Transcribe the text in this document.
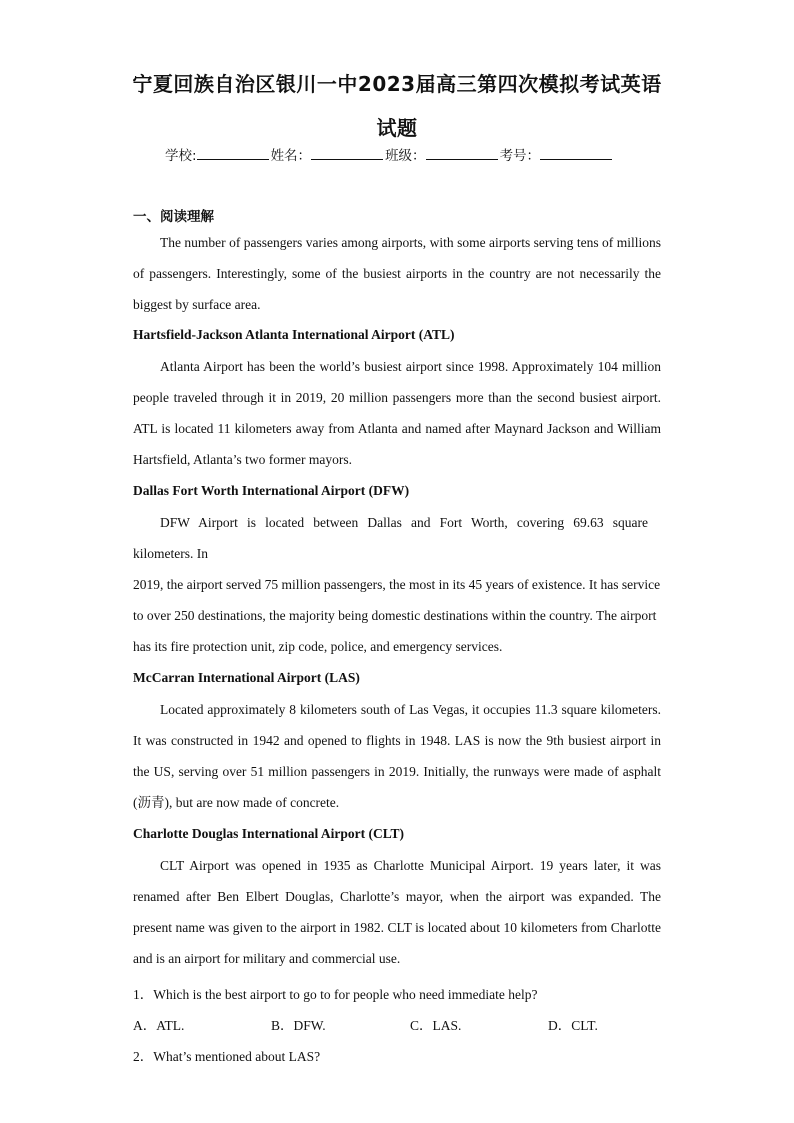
宁夏回族自治区银川一中2023届高三第四次模拟考试英语
试题
学校:	姓名：	班级：	考号：
一、阅读理解

The number of passengers varies among airports, with some airports serving tens of millions of passengers. Interestingly, some of the busiest airports in the country are not necessarily the biggest by surface area.

Hartsfield-Jackson Atlanta International Airport (ATL)

Atlanta Airport has been the world’s busiest airport since 1998. Approximately 104 million people traveled through it in 2019, 20 million passengers more than the second busiest airport. ATL is located 11 kilometers away from Atlanta and named after Maynard Jackson and William Hartsfield, Atlanta’s two former mayors.

Dallas Fort Worth International Airport (DFW)

DFW Airport is located between Dallas and Fort Worth, covering 69.63 square kilometers. In

2019, the airport served 75 million passengers, the most in its 45 years of existence. It has service to over 250 destinations, the majority being domestic destinations within the country. The airport has its fire protection unit, zip code, police, and emergency services.

McCarran International Airport (LAS)

Located approximately 8 kilometers south of Las Vegas, it occupies 11.3 square kilometers. It was constructed in 1942 and opened to flights in 1948. LAS is now the 9th busiest airport in the US, serving over 51 million passengers in 2019. Initially, the runways were made of asphalt (沥青), but are now made of concrete.

Charlotte Douglas International Airport (CLT)

CLT Airport was opened in 1935 as Charlotte Municipal Airport. 19 years later, it was renamed after Ben Elbert Douglas, Charlotte’s mayor, when the airport was expanded. The present name was given to the airport in 1982. CLT is located about 10 kilometers from Charlotte and is an airport for military and commercial use.

1．Which is the best airport to go to for people who need immediate help?
A．ATL.	B．DFW.	C．LAS.	D．CLT.
2．What’s mentioned about LAS?
